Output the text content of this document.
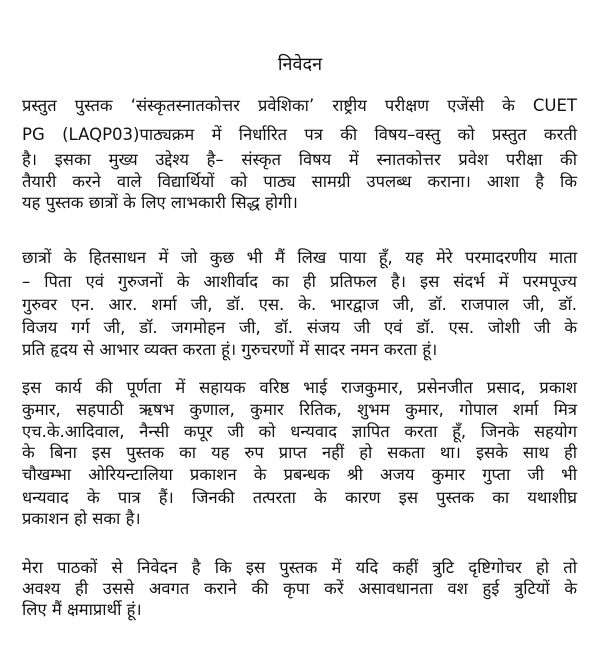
निवेदन
प्रस्तुत पुस्तक ‘संस्कृतस्नातकोत्तर प्रवेशिका’ राष्ट्रीय परीक्षण एजेंसी के CUET
PG (LAQP03)पाठ्यक्रम में निर्धारित पत्र की विषय–वस्तु को प्रस्तुत करती
है। इसका मुख्य उद्देश्य है– संस्कृत विषय में स्नातकोत्तर प्रवेश परीक्षा की
तैयारी करने वाले विद्यार्थियों को पाठ्य सामग्री उपलब्ध कराना। आशा है कि
यह पुस्तक छात्रों के लिए लाभकारी सिद्ध होगी।
छात्रों के हितसाधन में जो कुछ भी मैं लिख पाया हूँ, यह मेरे परमादरणीय माता
– पिता एवं गुरुजनों के आशीर्वाद का ही प्रतिफल है। इस संदर्भ में परमपूज्य
गुरुवर एन. आर. शर्मा जी, डॉ. एस. के. भारद्वाज जी, डॉ. राजपाल जी, डॉ.
विजय गर्ग जी, डॉ. जगमोहन जी, डॉ. संजय जी एवं डॉ. एस. जोशी जी के
प्रति हृदय से आभार व्यक्त करता हूं। गुरुचरणों में सादर नमन करता हूं।
इस कार्य की पूर्णता में सहायक वरिष्ठ भाई राजकुमार, प्रसेनजीत प्रसाद, प्रकाश
कुमार, सहपाठी ऋषभ कुणाल, कुमार रितिक, शुभम कुमार, गोपाल शर्मा मित्र
एच.के.आदिवाल, नैन्सी कपूर जी को धन्यवाद ज्ञापित करता हूँ, जिनके सहयोग
के बिना इस पुस्तक का यह रुप प्राप्त नहीं हो सकता था। इसके साथ ही
चौखम्भा ओरियन्टालिया प्रकाशन के प्रबन्धक श्री अजय कुमार गुप्ता जी भी
धन्यवाद के पात्र हैं। जिनकी तत्परता के कारण इस पुस्तक का यथाशीघ्र
प्रकाशन हो सका है।
मेरा पाठकों से निवेदन है कि इस पुस्तक में यदि कहीं त्रुटि दृष्टिगोचर हो तो
अवश्य ही उससे अवगत कराने की कृपा करें असावधानता वश हुई त्रुटियों के
लिए मैं क्षमाप्रार्थी हूं।
